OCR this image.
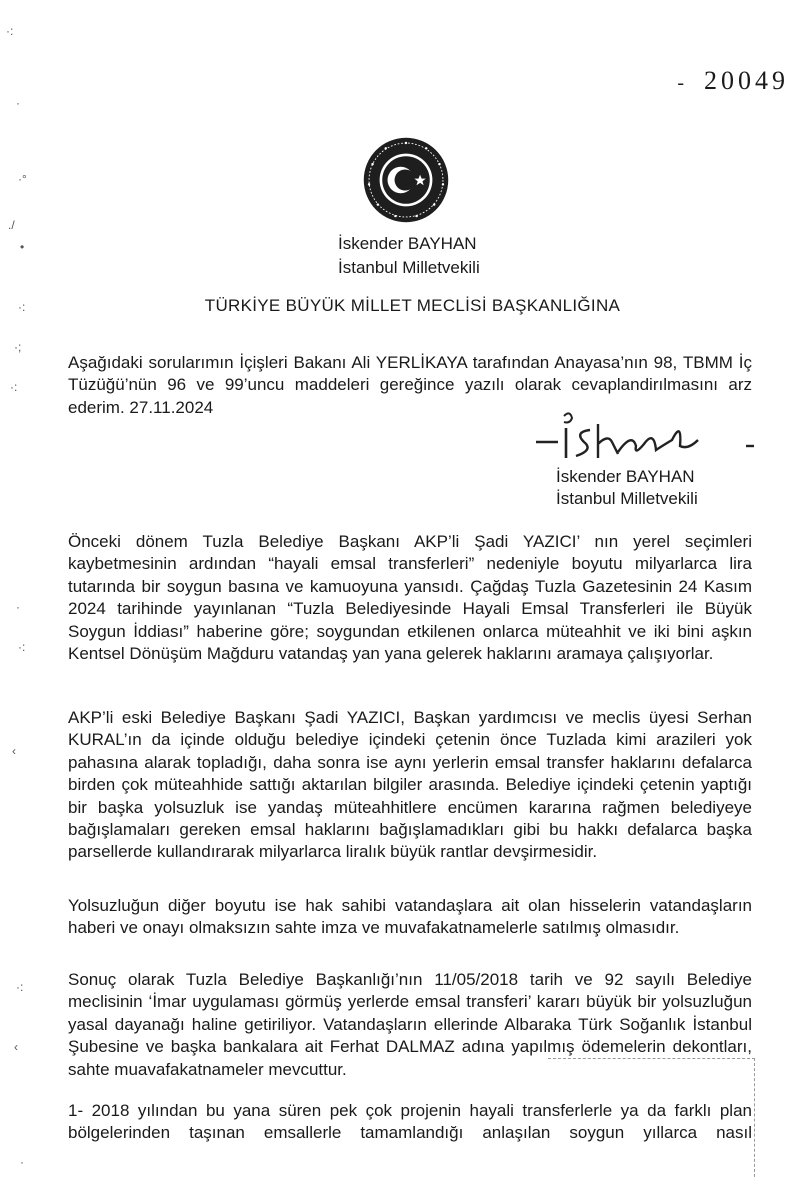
·:
·
·°
./
•
·:
·;
·:
·
·:
‹
·:
‹
·
- 20049
İskender BAYHAN
İstanbul Milletvekili
TÜRKİYE BÜYÜK MİLLET MECLİSİ BAŞKANLIĞINA

Aşağıdaki sorularımın İçişleri Bakanı Ali YERLİKAYA tarafından Anayasa’nın 98, TBMM İç Tüzüğü’nün 96 ve 99’uncu maddeleri gereğince yazılı olarak cevaplandirılmasını arz ederim. 27.11.2024

İskender BAYHAN
İstanbul Milletvekili

Önceki dönem Tuzla Belediye Başkanı AKP’li Şadi YAZICI’ nın yerel seçimleri kaybetmesinin ardından “hayali emsal transferleri” nedeniyle boyutu milyarlarca lira tutarında bir soygun basına ve kamuoyuna yansıdı. Çağdaş Tuzla Gazetesinin 24 Kasım 2024 tarihinde yayınlanan “Tuzla Belediyesinde Hayali Emsal Transferleri ile Büyük Soygun İddiası” haberine göre; soygundan etkilenen onlarca müteahhit ve iki bini aşkın Kentsel Dönüşüm Mağduru vatandaş yan yana gelerek haklarını aramaya çalışıyorlar.

AKP’li eski Belediye Başkanı Şadi YAZICI, Başkan yardımcısı ve meclis üyesi Serhan KURAL’ın da içinde olduğu belediye içindeki çetenin önce Tuzlada kimi arazileri yok pahasına alarak topladığı, daha sonra ise aynı yerlerin emsal transfer haklarını defalarca birden çok müteahhide sattığı aktarılan bilgiler arasında. Belediye içindeki çetenin yaptığı bir başka yolsuzluk ise yandaş müteahhitlere encümen kararına rağmen belediyeye bağışlamaları gereken emsal haklarını bağışlamadıkları gibi bu hakkı defalarca başka parsellerde kullandırarak milyarlarca liralık büyük rantlar devşirmesidir.

Yolsuzluğun diğer boyutu ise hak sahibi vatandaşlara ait olan hisselerin vatandaşların haberi ve onayı olmaksızın sahte imza ve muvafakatnamelerle satılmış olmasıdır.

Sonuç olarak Tuzla Belediye Başkanlığı’nın 11/05/2018 tarih ve 92 sayılı Belediye meclisinin ‘İmar uygulaması görmüş yerlerde emsal transferi’ kararı büyük bir yolsuzluğun yasal dayanağı haline getiriliyor. Vatandaşların ellerinde Albaraka Türk Soğanlık İstanbul Şubesine ve başka bankalara ait Ferhat DALMAZ adına yapılmış ödemelerin dekontları, sahte muavafakatnameler mevcuttur.

1- 2018 yılından bu yana süren pek çok projenin hayali transferlerle ya da farklı plan bölgelerinden taşınan emsallerle tamamlandığı anlaşılan soygun yıllarca nasıl
